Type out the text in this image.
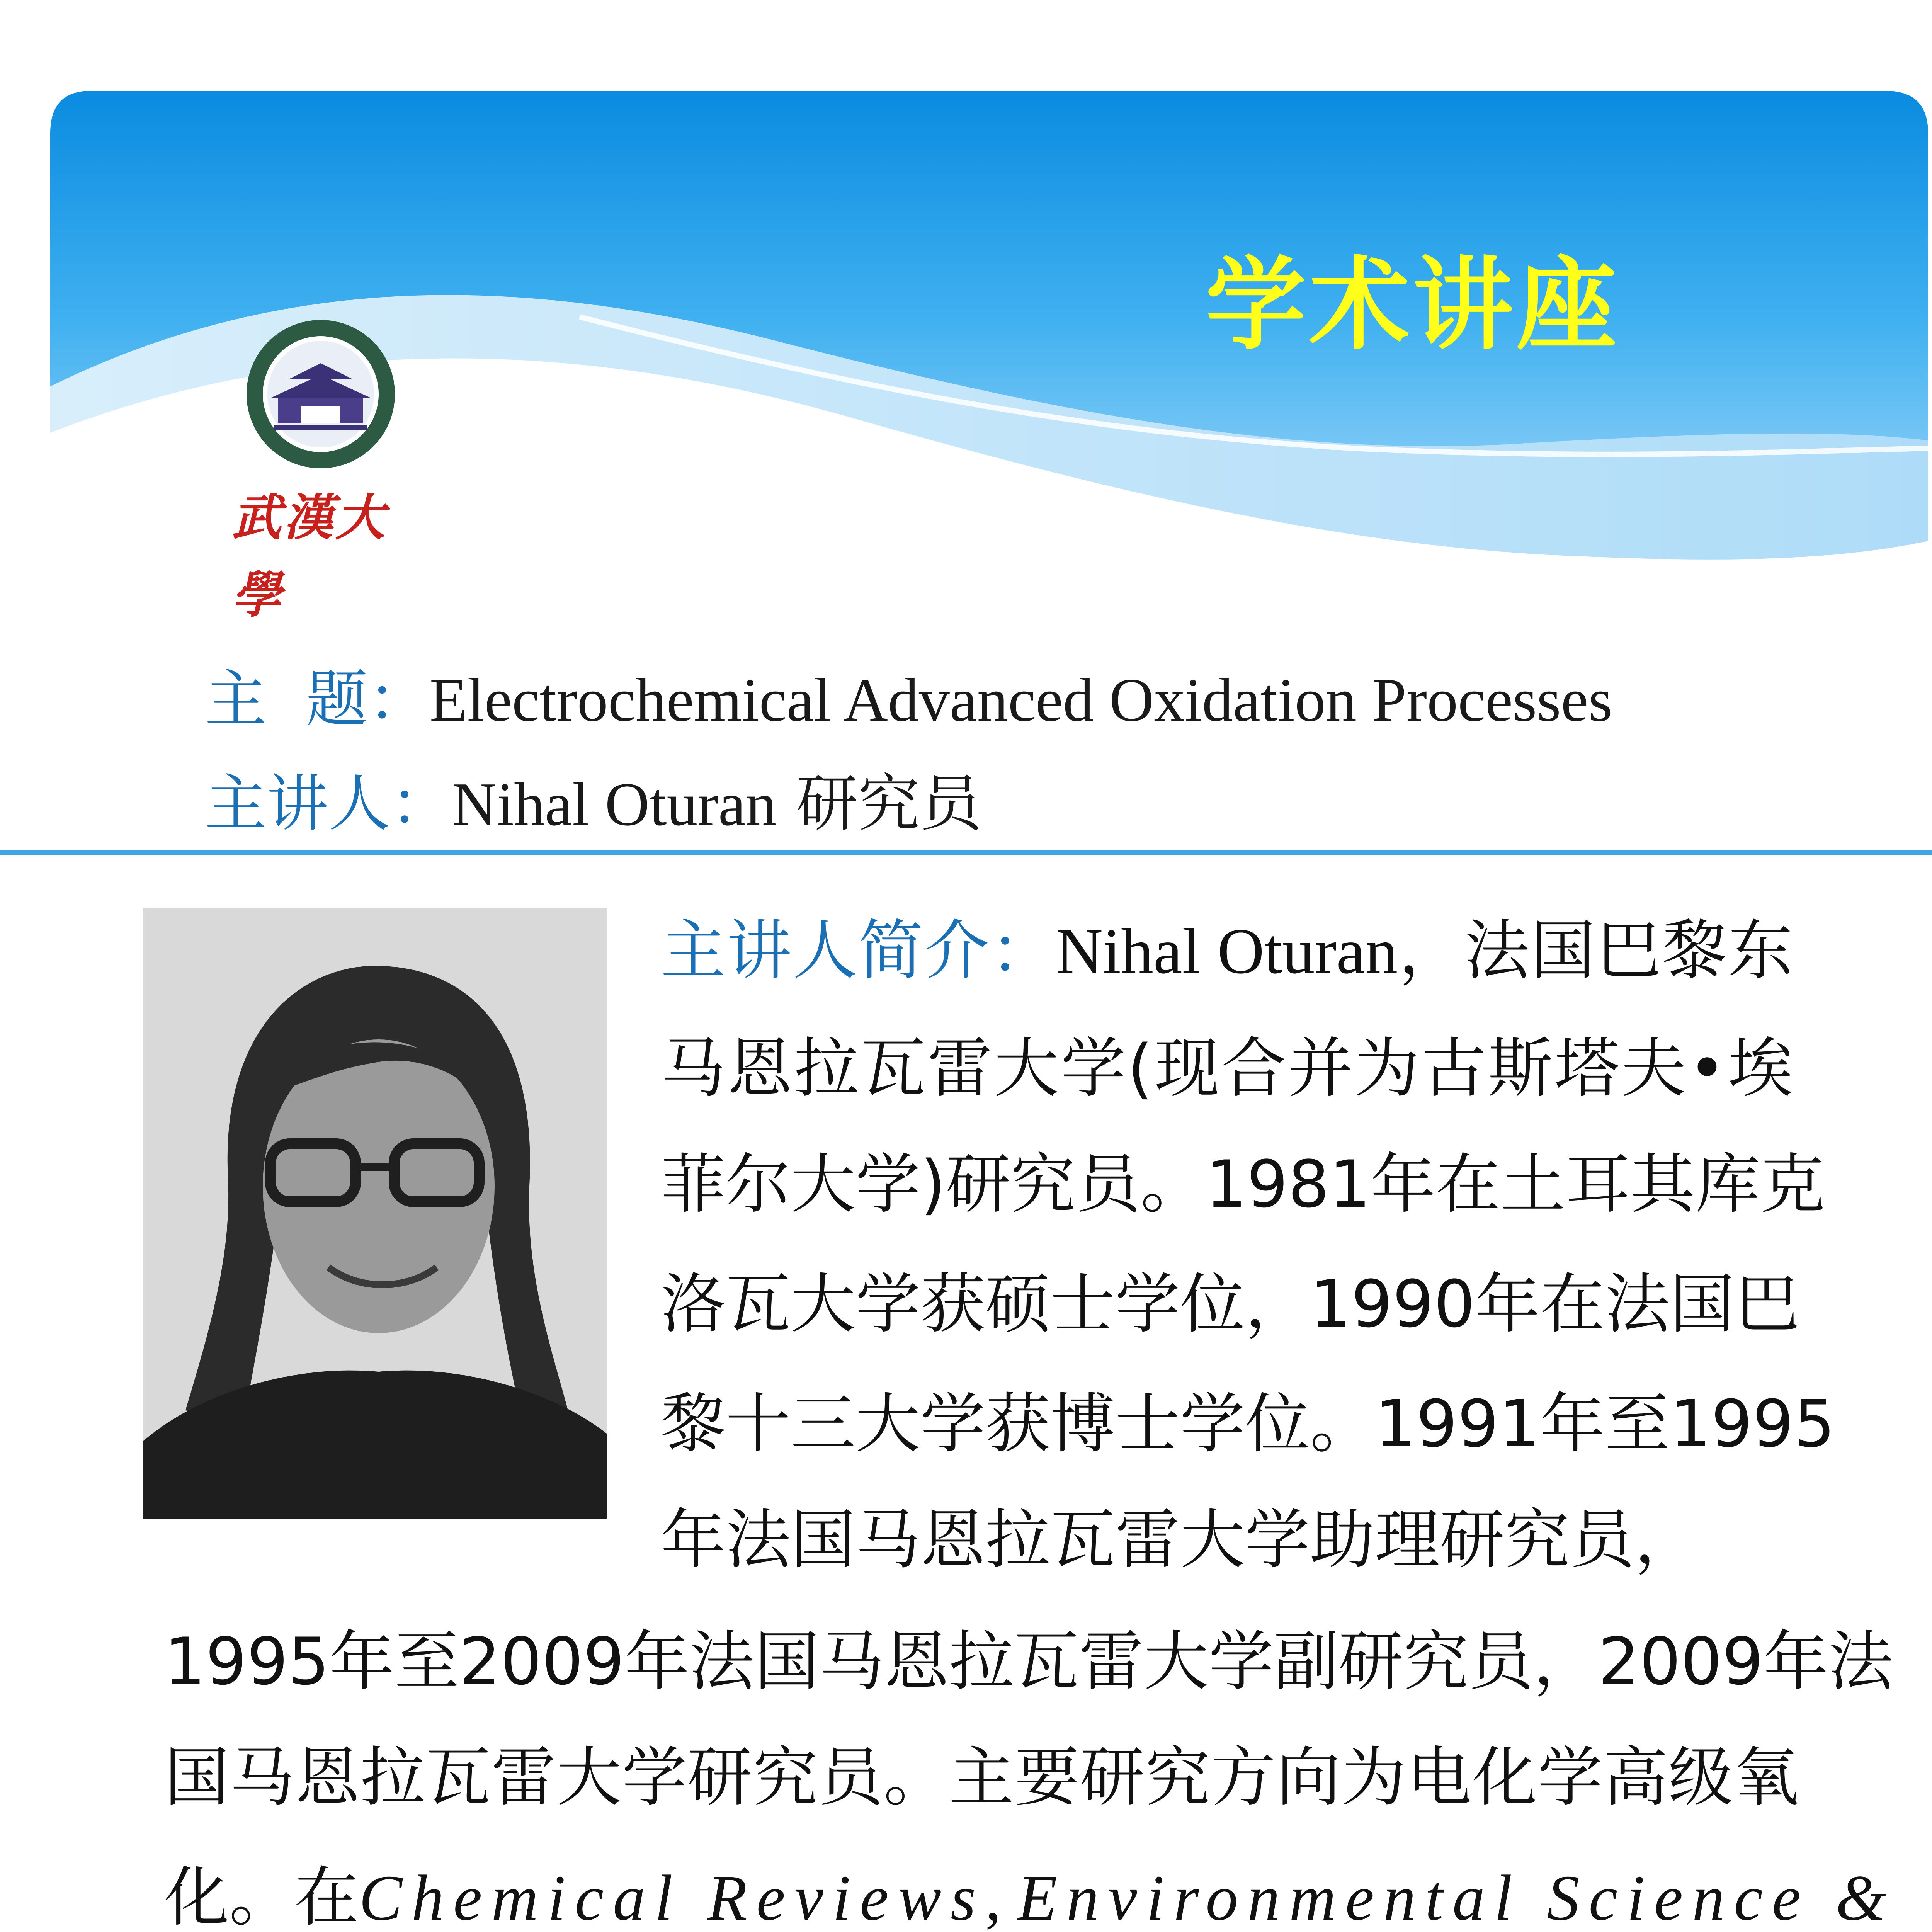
学术讲座
武漢大學
主  题：Electrochemical Advanced Oxidation Processes
主讲人：Nihal Oturan 研究员
主讲人简介：Nihal Oturan，法国巴黎东
马恩拉瓦雷大学(现合并为古斯塔夫•埃
菲尔大学)研究员。1981年在土耳其库克
洛瓦大学获硕士学位，1990年在法国巴
黎十三大学获博士学位。1991年至1995
年法国马恩拉瓦雷大学助理研究员，
1995年至2009年法国马恩拉瓦雷大学副研究员，2009年法
国马恩拉瓦雷大学研究员。主要研究方向为电化学高级氧
化。在Chemical Reviews, Environmental Science &
